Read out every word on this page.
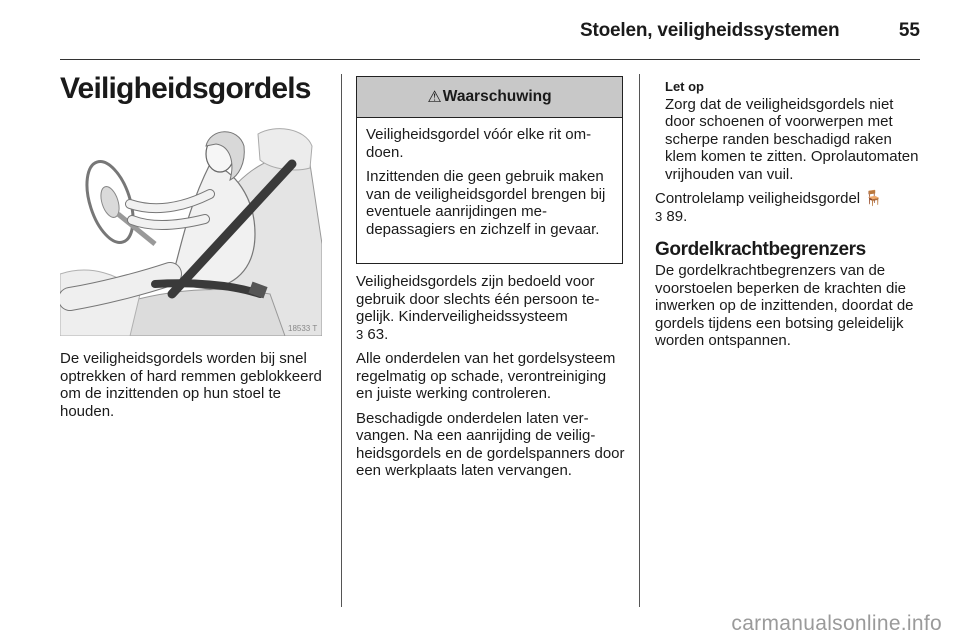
Stoelen, veiligheidssystemen	55
Veiligheidsgordels
18533 T

De veiligheidsgordels worden bij snel optrekken of hard remmen geblokkeerd om de inzittenden op hun stoel te houden.

⚠ Waarschuwing

Veiligheidsgordel vóór elke rit omdoen.

Inzittenden die geen gebruik maken van de veiligheidsgordel brengen bij eventuele aanrijdingen medepassagiers en zichzelf in gevaar.

Veiligheidsgordels zijn bedoeld voor gebruik door slechts één persoon tegelijk. Kinderveiligheidssysteem
3 63.

Alle onderdelen van het gordelsysteem regelmatig op schade, verontreiniging en juiste werking controleren.

Beschadigde onderdelen laten vervangen. Na een aanrijding de veiligheidsgordels en de gordelspanners door een werkplaats laten vervangen.

Let op
Zorg dat de veiligheidsgordels niet door schoenen of voorwerpen met scherpe randen beschadigd raken klem komen te zitten. Oprolautomaten vrijhouden van vuil.

Controlelamp veiligheidsgordel 🪑
3 89.

Gordelkrachtbegrenzers

De gordelkrachtbegrenzers van de voorstoelen beperken de krachten die inwerken op de inzittenden, doordat de gordels tijdens een botsing geleidelijk worden ontspannen.

carmanualsonline.info
